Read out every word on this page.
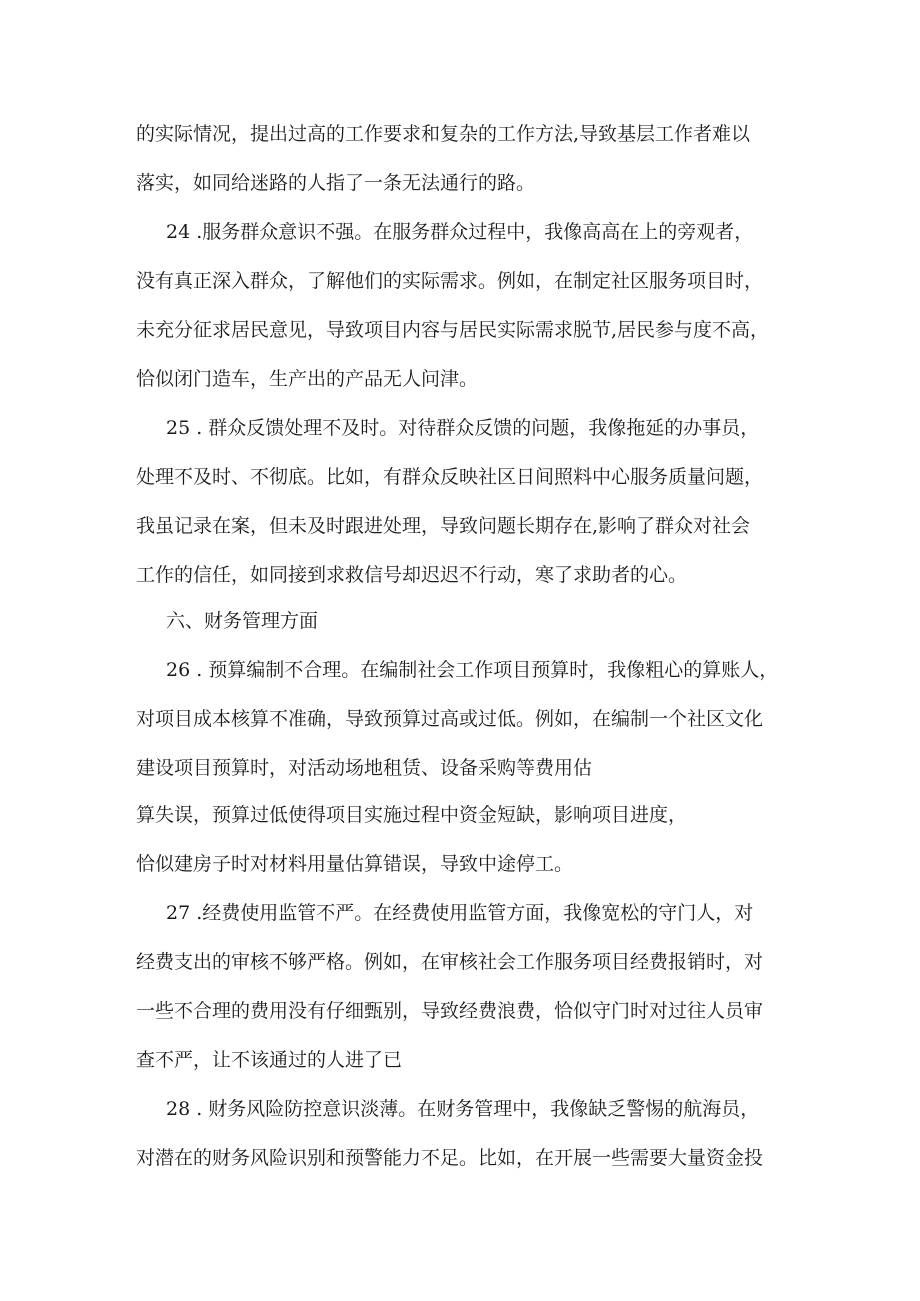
的实际情况，提出过高的工作要求和复杂的工作方法,导致基层工作者难以
落实，如同给迷路的人指了一条无法通行的路。
24 .服务群众意识不强。在服务群众过程中，我像高高在上的旁观者，
没有真正深入群众，了解他们的实际需求。例如，在制定社区服务项目时，
未充分征求居民意见，导致项目内容与居民实际需求脱节,居民参与度不高，
恰似闭门造车，生产出的产品无人问津。
25 . 群众反馈处理不及时。对待群众反馈的问题，我像拖延的办事员，
处理不及时、不彻底。比如，有群众反映社区日间照料中心服务质量问题，
我虽记录在案，但未及时跟进处理，导致问题长期存在,影响了群众对社会
工作的信任，如同接到求救信号却迟迟不行动，寒了求助者的心。
六、财务管理方面
26 . 预算编制不合理。在编制社会工作项目预算时，我像粗心的算账人，
对项目成本核算不准确，导致预算过高或过低。例如，在编制一个社区文化
建设项目预算时，对活动场地租赁、设备采购等费用估
算失误，预算过低使得项目实施过程中资金短缺，影响项目进度，
恰似建房子时对材料用量估算错误，导致中途停工。
27 .经费使用监管不严。在经费使用监管方面，我像宽松的守门人，对
经费支出的审核不够严格。例如，在审核社会工作服务项目经费报销时，对
一些不合理的费用没有仔细甄别，导致经费浪费，恰似守门时对过往人员审
查不严，让不该通过的人进了已
28 . 财务风险防控意识淡薄。在财务管理中，我像缺乏警惕的航海员，
对潜在的财务风险识别和预警能力不足。比如，在开展一些需要大量资金投
